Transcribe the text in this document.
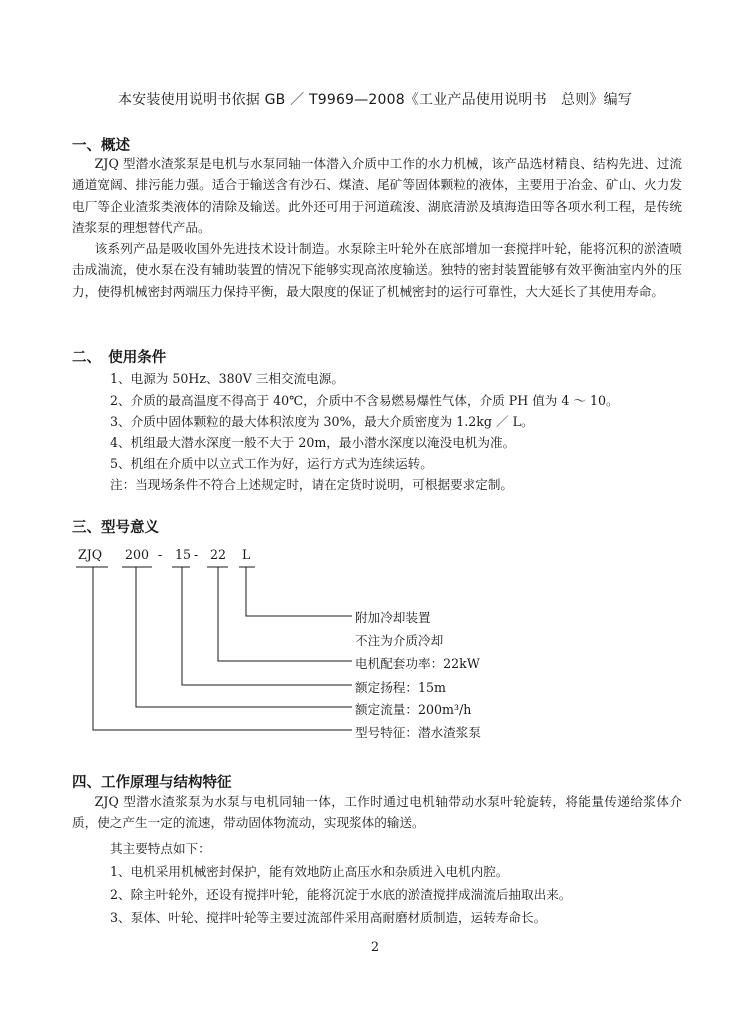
本安装使用说明书依据 GB ／ T9969—2008《工业产品使用说明书　总则》编写
一、概述

ZJQ 型潜水渣浆泵是电机与水泵同轴一体潜入介质中工作的水力机械，该产品选材精良、结构先进、过流通道宽阔、排污能力强。适合于输送含有沙石、煤渣、尾矿等固体颗粒的液体，主要用于冶金、矿山、火力发电厂等企业渣浆类液体的清除及输送。此外还可用于河道疏浚、湖底清淤及填海造田等各项水利工程，是传统渣浆泵的理想替代产品。

该系列产品是吸收国外先进技术设计制造。水泵除主叶轮外在底部增加一套搅拌叶轮，能将沉积的淤渣喷击成湍流，使水泵在没有辅助装置的情况下能够实现高浓度输送。独特的密封装置能够有效平衡油室内外的压力，使得机械密封两端压力保持平衡，最大限度的保证了机械密封的运行可靠性，大大延长了其使用寿命。

二、　使用条件
1、电源为 50Hz、380V 三相交流电源。
2、介质的最高温度不得高于 40℃，介质中不含易燃易爆性气体，介质 PH 值为 4 ～ 10。
3、介质中固体颗粒的最大体积浓度为 30%，最大介质密度为 1.2kg ／ L。
4、机组最大潜水深度一般不大于 20m，最小潜水深度以淹没电机为准。
5、机组在介质中以立式工作为好，运行方式为连续运转。
注：当现场条件不符合上述规定时，请在定货时说明，可根据要求定制。
三、型号意义
ZJQ 200 - 15 - 22 L
附加冷却装置
不注为介质冷却
电机配套功率：22kW
额定扬程：15m
额定流量：200m³/h
型号特征：潜水渣浆泵
四、工作原理与结构特征

ZJQ 型潜水渣浆泵为水泵与电机同轴一体，工作时通过电机轴带动水泵叶轮旋转，将能量传递给浆体介质，使之产生一定的流速，带动固体物流动，实现浆体的输送。

其主要特点如下：
1、电机采用机械密封保护，能有效地防止高压水和杂质进入电机内腔。
2、除主叶轮外，还设有搅拌叶轮，能将沉淀于水底的淤渣搅拌成湍流后抽取出来。
3、泵体、叶轮、搅拌叶轮等主要过流部件采用高耐磨材质制造，运转寿命长。
2
